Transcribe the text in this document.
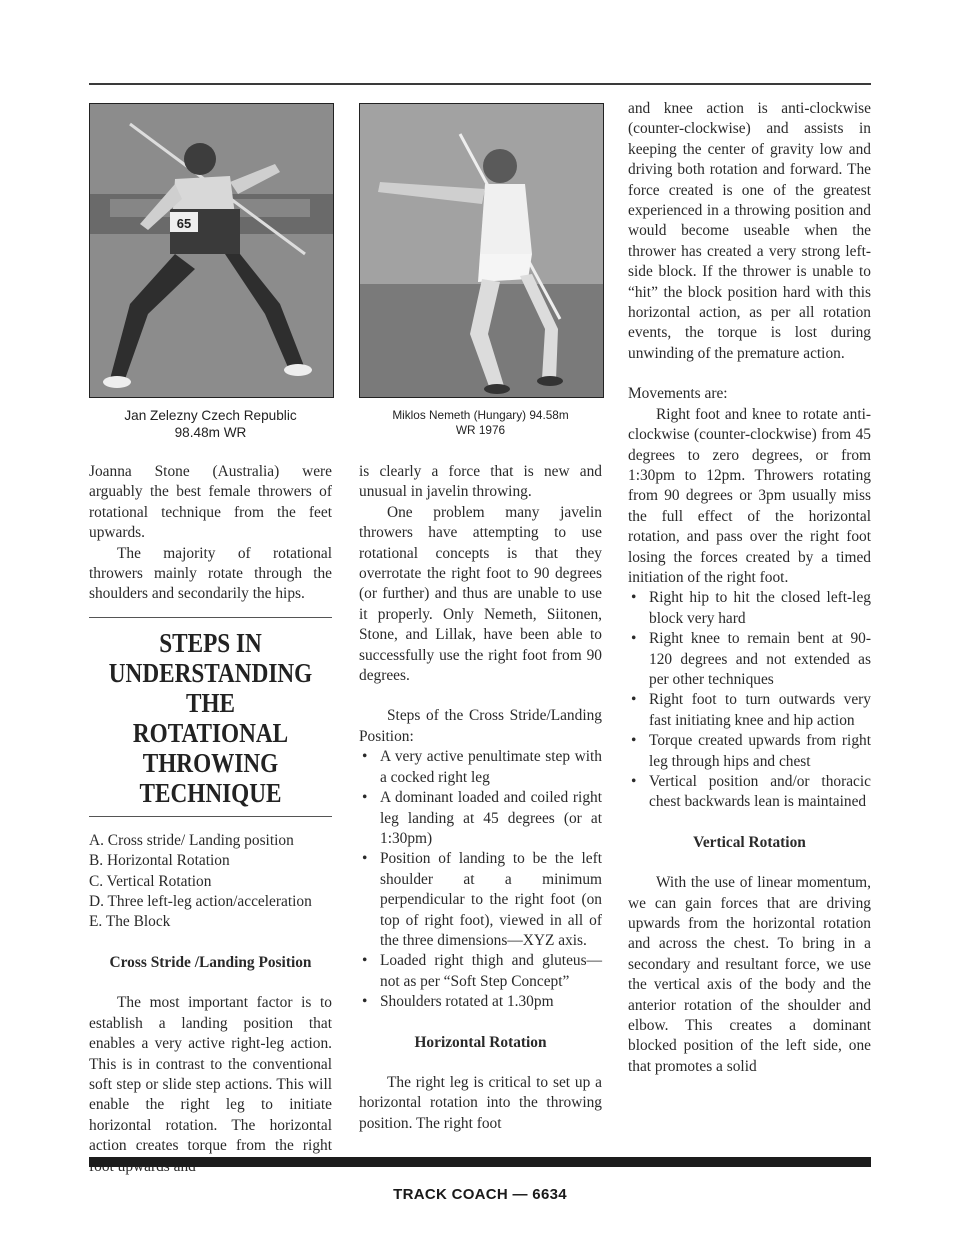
65
Jan Zelezny Czech Republic
98.48m WR
Miklos Nemeth (Hungary) 94.58m
WR 1976

Joanna Stone (Australia) were arguably the best female throwers of rotational technique from the feet upwards.

The majority of rotational throwers mainly rotate through the shoulders and secondarily the hips.

STEPS IN
UNDERSTANDING
THE ROTATIONAL
THROWING
TECHNIQUE
A. Cross stride/ Landing position
B. Horizontal Rotation
C. Vertical Rotation
D. Three left-leg action/acceleration
E. The Block

Cross Stride /Landing Position

The most important factor is to establish a landing position that enables a very active right-leg action. This is in contrast to the conventional soft step or slide step actions. This will enable the right leg to initiate horizontal rotation. The horizontal action creates torque from the right

is clearly a force that is new and unusual in javelin throwing.

One problem many javelin throwers have attempting to use rotational concepts is that they overrotate the right foot to 90 degrees (or further) and thus are unable to use it properly. Only Nemeth, Siitonen, Stone, and Lillak, have been able to successfully use the right foot from 90 degrees.

Steps of the Cross Stride/Landing Position:

• A very active penultimate step with a cocked right leg
• A dominant loaded and coiled right leg landing at 45 degrees (or at 1:30pm)
• Position of landing to be the left shoulder at a minimum perpendicular to the right foot (on top of right foot), viewed in all of the three dimensions—XYZ axis.
• Loaded right thigh and gluteus—not as per “Soft Step Concept”
• Shoulders rotated at 1.30pm

Horizontal Rotation

The right leg is critical to set up a horizontal rotation into the throwing position. The right foot

and knee action is anti-clockwise (counter-clockwise) and assists in keeping the center of gravity low and driving both rotation and forward. The force created is one of the greatest experienced in a throwing position and would become useable when the thrower has created a very strong left-side block. If the thrower is unable to “hit” the block position hard with this horizontal action, as per all rotation events, the torque is lost during unwinding of the premature action.

Movements are:

Right foot and knee to rotate anti-clockwise (counter-clockwise) from 45 degrees to zero degrees, or from 1:30pm to 12pm. Throwers rotating from 90 degrees or 3pm usually miss the full effect of the horizontal rotation, and pass over the right foot losing the forces created by a timed initiation of the right foot.

• Right hip to hit the closed left-leg block very hard
• Right knee to remain bent at 90-120 degrees and not extended as per other techniques
• Right foot to turn outwards very fast initiating knee and hip action
• Torque created upwards from right leg through hips and chest
• Vertical position and/or thoracic chest backwards lean is maintained

Vertical Rotation

With the use of linear momentum, we can gain forces that are driving upwards from the horizontal rotation and across the chest. To bring in a secondary and resultant force, we use the vertical axis of the body and the anterior rotation of the shoulder and elbow. This creates a dominant blocked position of the left side, one that promotes a solid

TRACK COACH — 6634
